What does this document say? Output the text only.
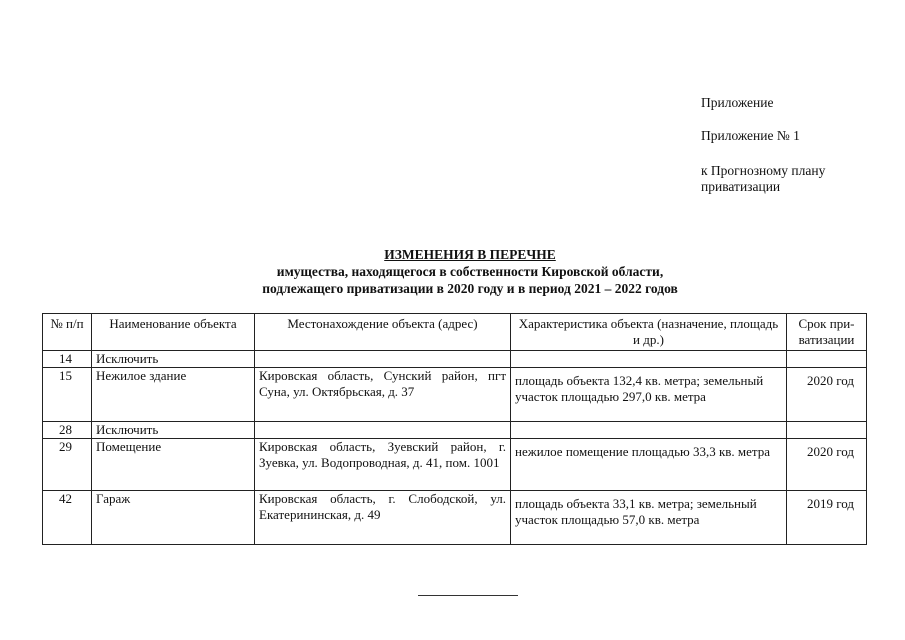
Приложение
Приложение № 1
к Прогнозному плану приватизации
ИЗМЕНЕНИЯ В ПЕРЕЧНЕ
имущества, находящегося в собственности Кировской области,
подлежащего приватизации в 2020 году и в период 2021 – 2022 годов
№ п/п	Наименование объекта	Местонахождение объекта (адрес)	Характеристика объекта (назначение, площадь и др.)	Срок при-ватизации
14	Исключить			
15	Нежилое здание	Кировская область, Сунский район, пгт Суна, ул. Октябрьская, д. 37	площадь объекта 132,4 кв. метра; земельный участок площадью 297,0 кв. метра	2020 год
28	Исключить			
29	Помещение	Кировская область, Зуевский район, г. Зуевка, ул. Водопроводная, д. 41, пом. 1001	нежилое помещение площадью 33,3 кв. метра	2020 год
42	Гараж	Кировская область, г. Слободской, ул. Екатерининская, д. 49	площадь объекта 33,1 кв. метра; земельный участок площадью 57,0 кв. метра	2019 год
